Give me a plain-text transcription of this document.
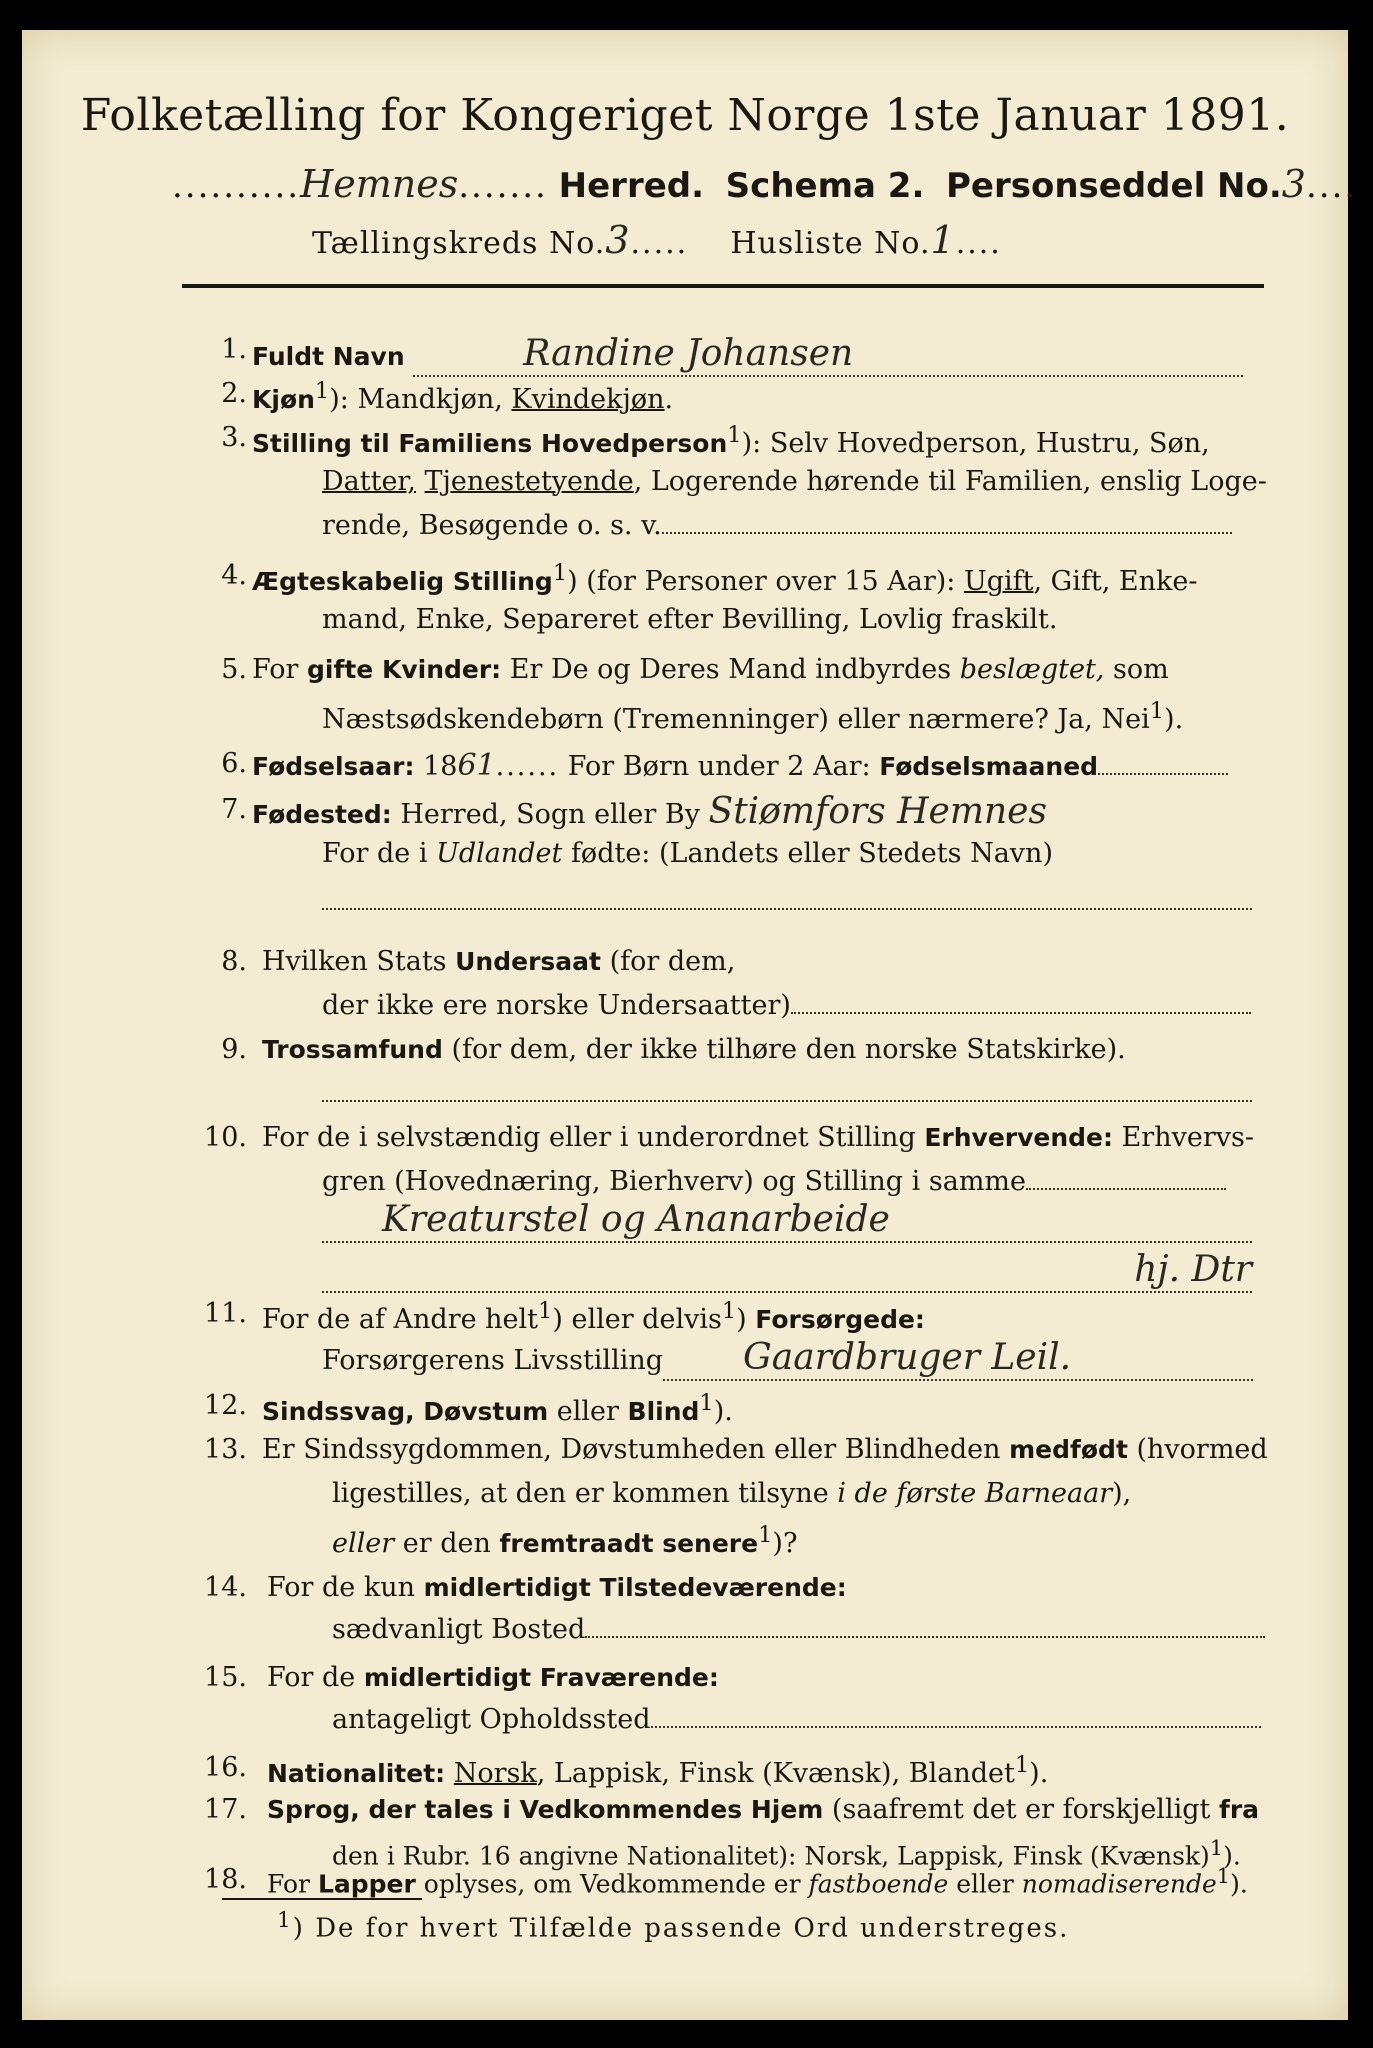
Folketælling for Kongeriget Norge 1ste Januar 1891.
..........Hemnes....... Herred. Schema 2. Personseddel No.3....
Tællingskreds No.3..... Husliste No.1....
1. Fuldt Navn	Randine Johansen
2. Kjøn$^1$): Mandkjøn, Kvindekjøn.
3. Stilling til Familiens Hovedperson$^1$): Selv Hovedperson, Hustru, Søn,
Datter, Tjenestetyende, Logerende hørende til Familien, enslig Loge-
rende, Besøgende o. s. v.
4. Ægteskabelig Stilling$^1$) (for Personer over 15 Aar): Ugift, Gift, Enke-
mand, Enke, Separeret efter Bevilling, Lovlig fraskilt.
5. For gifte Kvinder: Er De og Deres Mand indbyrdes beslægtet, som
Næstsødskendebørn (Tremenninger) eller nærmere? Ja, Nei$^1$).
6. Fødselsaar: 1861...... For Børn under 2 Aar: Fødselsmaaned
7. Fødested: Herred, Sogn eller By Stiømfors Hemnes
For de i Udlandet fødte: (Landets eller Stedets Navn)
8. Hvilken Stats Undersaat (for dem,
der ikke ere norske Undersaatter)
9. Trossamfund (for dem, der ikke tilhøre den norske Statskirke).
10. For de i selvstændig eller i underordnet Stilling Erhvervende: Erhvervs-
gren (Hovednæring, Bierhverv) og Stilling i samme
Kreaturstel og Ananarbeide
hj. Dtr
11. For de af Andre helt$^1$) eller delvis$^1$) Forsørgede:
Forsørgerens Livsstilling Gaardbruger Leil.
12. Sindssvag, Døvstum eller Blind$^1$).
13. Er Sindssygdommen, Døvstumheden eller Blindheden medfødt (hvormed
ligestilles, at den er kommen tilsyne i de første Barneaar),
eller er den fremtraadt senere$^1$)?
14. For de kun midlertidigt Tilstedeværende:
sædvanligt Bosted
15. For de midlertidigt Fraværende:
antageligt Opholdssted
16. Nationalitet: Norsk, Lappisk, Finsk (Kvænsk), Blandet$^1$).
17. Sprog, der tales i Vedkommendes Hjem (saafremt det er forskjelligt fra
den i Rubr. 16 angivne Nationalitet): Norsk, Lappisk, Finsk (Kvænsk)$^1$).
18. For Lapper oplyses, om Vedkommende er fastboende eller nomadiserende$^1$).
$^1$) De for hvert Tilfælde passende Ord understreges.
